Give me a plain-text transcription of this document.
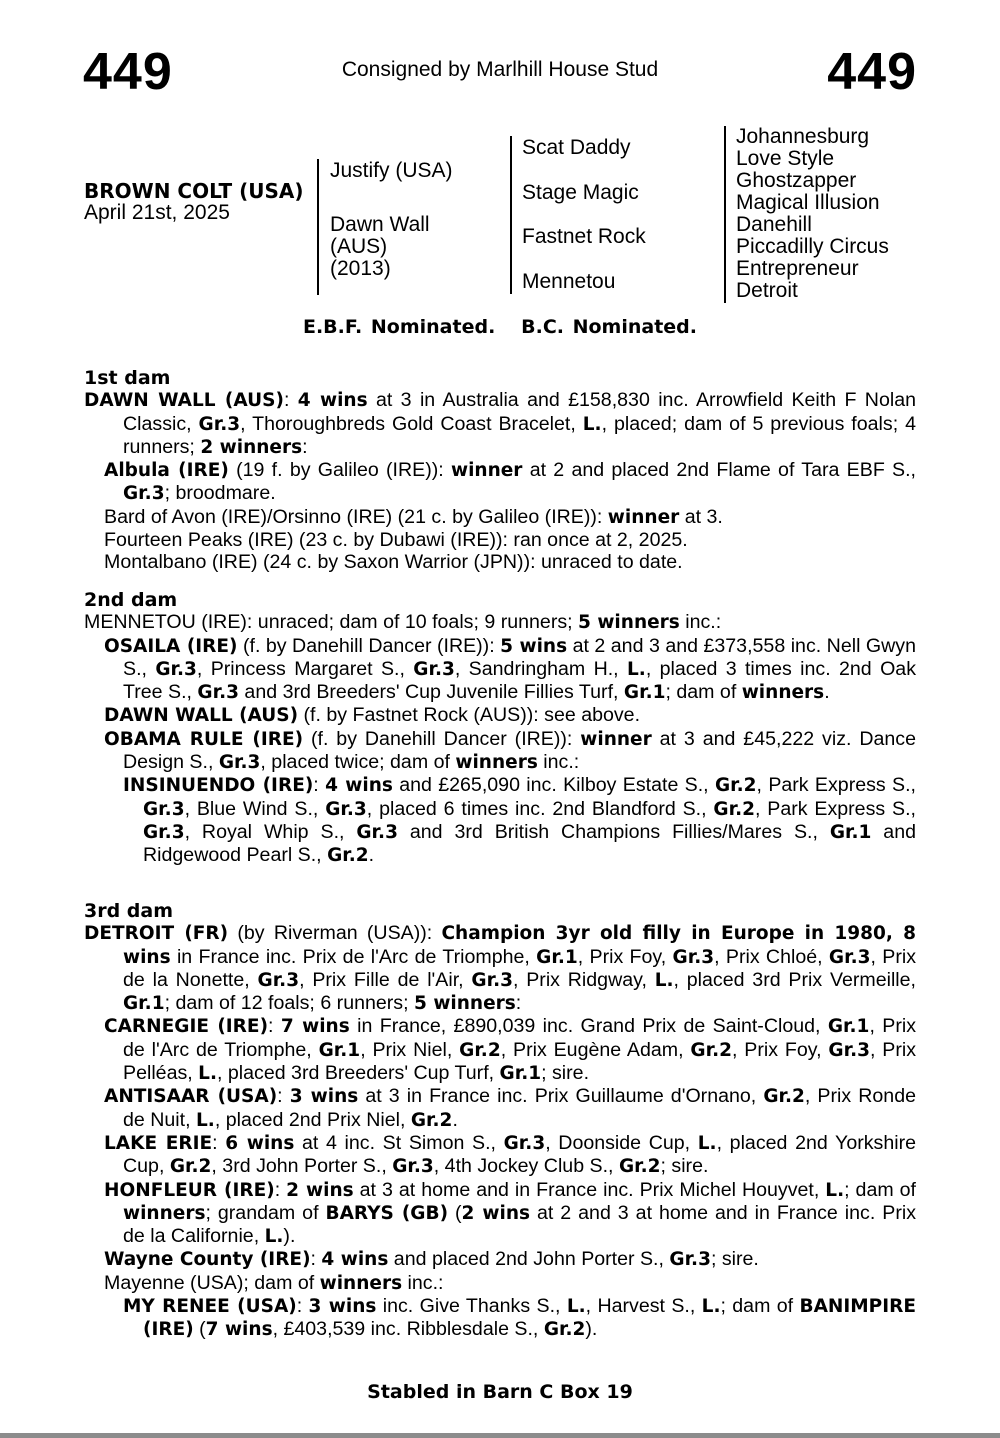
449	Consigned by Marlhill House Stud	449
BROWN COLT (USA)
April 21st, 2025
Justify (USA)
Dawn Wall
(AUS)
(2013)
Scat Daddy
Stage Magic
Fastnet Rock
Mennetou
Johannesburg
Love Style
Ghostzapper
Magical Illusion
Danehill
Piccadilly Circus
Entrepreneur
Detroit
E.B.F. Nominated.   B.C. Nominated.
1st dam
DAWN WALL (AUS): 4 wins at 3 in Australia and £158,830 inc. Arrowfield Keith F Nolan Classic, Gr.3, Thoroughbreds Gold Coast Bracelet, L., placed; dam of 5 previous foals; 4 runners; 2 winners:
Albula (IRE) (19 f. by Galileo (IRE)): winner at 2 and placed 2nd Flame of Tara EBF S., Gr.3; broodmare.
Bard of Avon (IRE)/Orsinno (IRE) (21 c. by Galileo (IRE)): winner at 3.
Fourteen Peaks (IRE) (23 c. by Dubawi (IRE)): ran once at 2, 2025.
Montalbano (IRE) (24 c. by Saxon Warrior (JPN)): unraced to date.
2nd dam
MENNETOU (IRE): unraced; dam of 10 foals; 9 runners; 5 winners inc.:
OSAILA (IRE) (f. by Danehill Dancer (IRE)): 5 wins at 2 and 3 and £373,558 inc. Nell Gwyn S., Gr.3, Princess Margaret S., Gr.3, Sandringham H., L., placed 3 times inc. 2nd Oak Tree S., Gr.3 and 3rd Breeders' Cup Juvenile Fillies Turf, Gr.1; dam of winners.
DAWN WALL (AUS) (f. by Fastnet Rock (AUS)): see above.
OBAMA RULE (IRE) (f. by Danehill Dancer (IRE)): winner at 3 and £45,222 viz. Dance Design S., Gr.3, placed twice; dam of winners inc.:
INSINUENDO (IRE): 4 wins and £265,090 inc. Kilboy Estate S., Gr.2, Park Express S., Gr.3, Blue Wind S., Gr.3, placed 6 times inc. 2nd Blandford S., Gr.2, Park Express S., Gr.3, Royal Whip S., Gr.3 and 3rd British Champions Fillies/Mares S., Gr.1 and Ridgewood Pearl S., Gr.2.
3rd dam
DETROIT (FR) (by Riverman (USA)): Champion 3yr old filly in Europe in 1980, 8 wins in France inc. Prix de l'Arc de Triomphe, Gr.1, Prix Foy, Gr.3, Prix Chloé, Gr.3, Prix de la Nonette, Gr.3, Prix Fille de l'Air, Gr.3, Prix Ridgway, L., placed 3rd Prix Vermeille, Gr.1; dam of 12 foals; 6 runners; 5 winners:
CARNEGIE (IRE): 7 wins in France, £890,039 inc. Grand Prix de Saint-Cloud, Gr.1, Prix de l'Arc de Triomphe, Gr.1, Prix Niel, Gr.2, Prix Eugène Adam, Gr.2, Prix Foy, Gr.3, Prix Pelléas, L., placed 3rd Breeders' Cup Turf, Gr.1; sire.
ANTISAAR (USA): 3 wins at 3 in France inc. Prix Guillaume d'Ornano, Gr.2, Prix Ronde de Nuit, L., placed 2nd Prix Niel, Gr.2.
LAKE ERIE: 6 wins at 4 inc. St Simon S., Gr.3, Doonside Cup, L., placed 2nd Yorkshire Cup, Gr.2, 3rd John Porter S., Gr.3, 4th Jockey Club S., Gr.2; sire.
HONFLEUR (IRE): 2 wins at 3 at home and in France inc. Prix Michel Houyvet, L.; dam of winners; grandam of BARYS (GB) (2 wins at 2 and 3 at home and in France inc. Prix de la Californie, L.).
Wayne County (IRE): 4 wins and placed 2nd John Porter S., Gr.3; sire.
Mayenne (USA); dam of winners inc.:
MY RENEE (USA): 3 wins inc. Give Thanks S., L., Harvest S., L.; dam of BANIMPIRE (IRE) (7 wins, £403,539 inc. Ribblesdale S., Gr.2).
Stabled in Barn C Box 19
